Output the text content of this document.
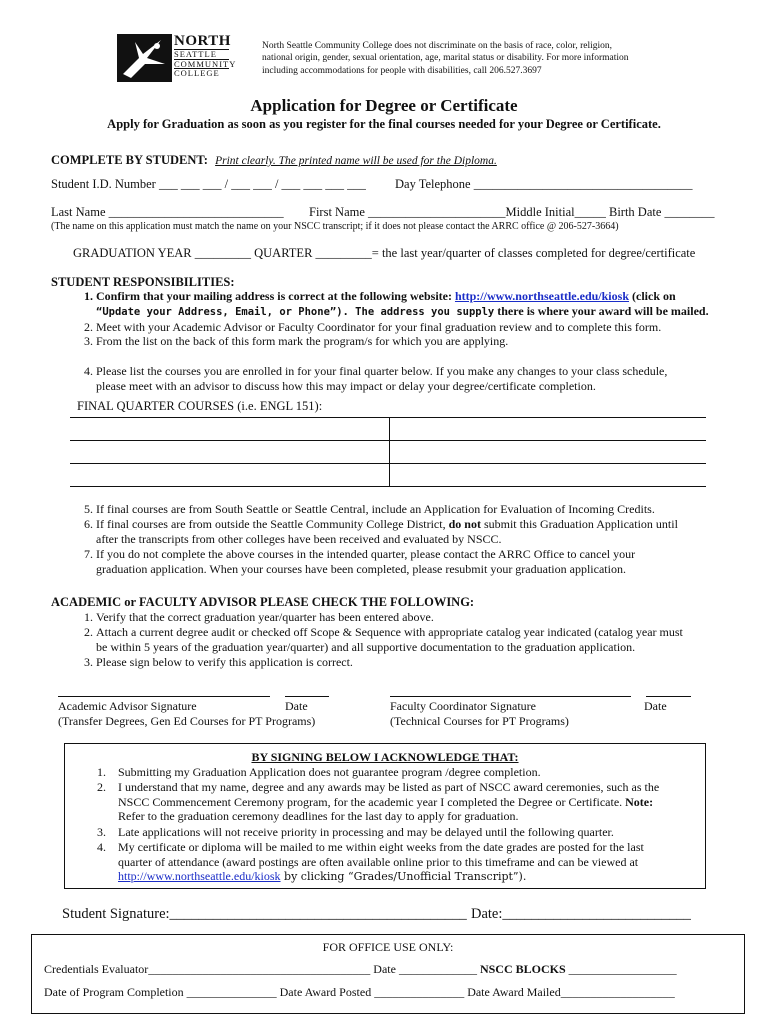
NORTH
SEATTLE
COMMUNITY
COLLEGE
North Seattle Community College does not discriminate on the basis of race, color, religion,
national origin, gender, sexual orientation, age, marital status or disability. For more information
including accommodations for people with disabilities, call 206.527.3697
Application for Degree or Certificate
Apply for Graduation as soon as you register for the final courses needed for your Degree or Certificate.
COMPLETE BY STUDENT: Print clearly. The printed name will be used for the Diploma.
Student I.D. Number ___ ___ ___ / ___ ___ / ___ ___ ___ ___ Day Telephone ___________________________________
Last Name ____________________________ First Name ______________________Middle Initial_____ Birth Date ________
(The name on this application must match the name on your NSCC transcript; if it does not please contact the ARRC office @ 206-527-3664)
GRADUATION YEAR _________ QUARTER _________= the last year/quarter of classes completed for degree/certificate
STUDENT RESPONSIBILITIES:
1. Confirm that your mailing address is correct at the following website: http://www.northseattle.edu/kiosk (click on
“Update your Address, Email, or Phone”). The address you supply there is where your award will be mailed.
2. Meet with your Academic Advisor or Faculty Coordinator for your final graduation review and to complete this form.
3. From the list on the back of this form mark the program/s for which you are applying.
4. Please list the courses you are enrolled in for your final quarter below. If you make any changes to your class schedule,
please meet with an advisor to discuss how this may impact or delay your degree/certificate completion.
FINAL QUARTER COURSES (i.e. ENGL 151):
5. If final courses are from South Seattle or Seattle Central, include an Application for Evaluation of Incoming Credits.
6. If final courses are from outside the Seattle Community College District, do not submit this Graduation Application until
after the transcripts from other colleges have been received and evaluated by NSCC.
7. If you do not complete the above courses in the intended quarter, please contact the ARRC Office to cancel your
graduation application. When your courses have been completed, please resubmit your graduation application.
ACADEMIC or FACULTY ADVISOR PLEASE CHECK THE FOLLOWING:
1. Verify that the correct graduation year/quarter has been entered above.
2. Attach a current degree audit or checked off Scope & Sequence with appropriate catalog year indicated (catalog year must
be within 5 years of the graduation year/quarter) and all supportive documentation to the graduation application.
3. Please sign below to verify this application is correct.
Academic Advisor Signature	Date
(Transfer Degrees, Gen Ed Courses for PT Programs)
Faculty Coordinator Signature	Date
(Technical Courses for PT Programs)
BY SIGNING BELOW I ACKNOWLEDGE THAT:
1. Submitting my Graduation Application does not guarantee program /degree completion.
2. I understand that my name, degree and any awards may be listed as part of NSCC award ceremonies, such as the
NSCC Commencement Ceremony program, for the academic year I completed the Degree or Certificate. Note:
Refer to the graduation ceremony deadlines for the last day to apply for graduation.
3. Late applications will not receive priority in processing and may be delayed until the following quarter.
4. My certificate or diploma will be mailed to me within eight weeks from the date grades are posted for the last
quarter of attendance (award postings are often available online prior to this timeframe and can be viewed at
http://www.northseattle.edu/kiosk by clicking “Grades/Unofficial Transcript”).
Student Signature:_________________________________________ Date:__________________________
FOR OFFICE USE ONLY:
Credentials Evaluator_____________________________________ Date _____________ NSCC BLOCKS __________________
Date of Program Completion _______________ Date Award Posted _______________ Date Award Mailed___________________
